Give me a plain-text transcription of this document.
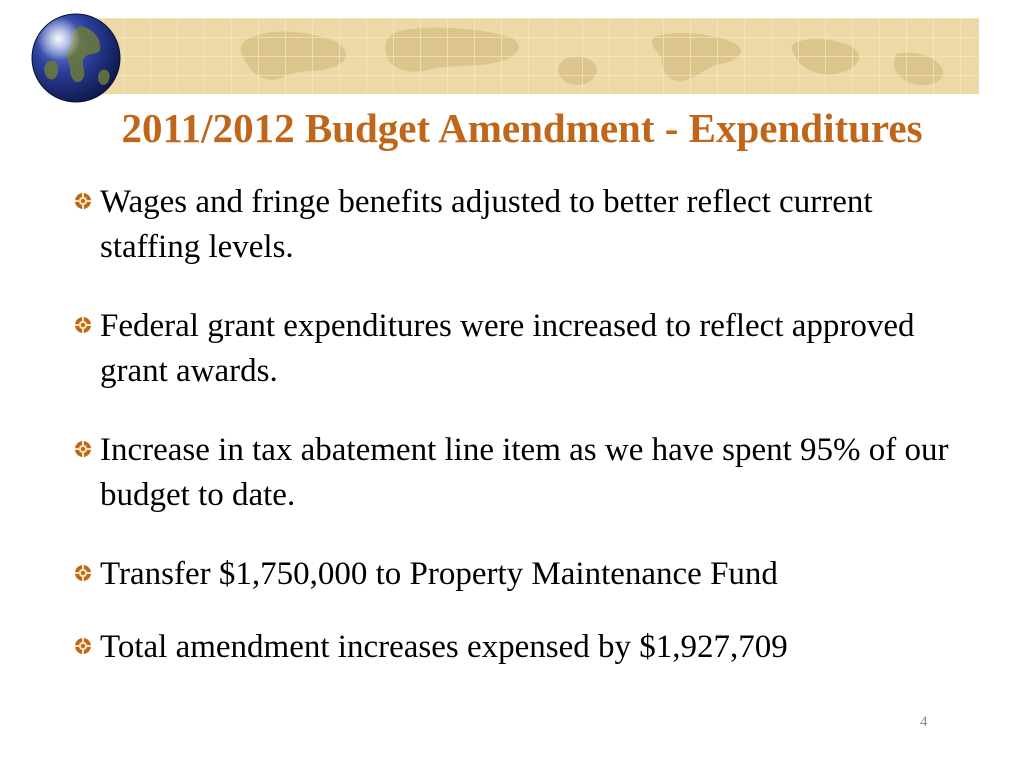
2011/2012 Budget Amendment - Expenditures
Wages and fringe benefits adjusted to better reflect current staffing levels.
Federal grant expenditures were increased to reflect approved grant awards.
Increase in tax abatement line item as we have spent 95% of our budget to date.
Transfer $1,750,000 to Property Maintenance Fund
Total amendment increases expensed by $1,927,709
4
